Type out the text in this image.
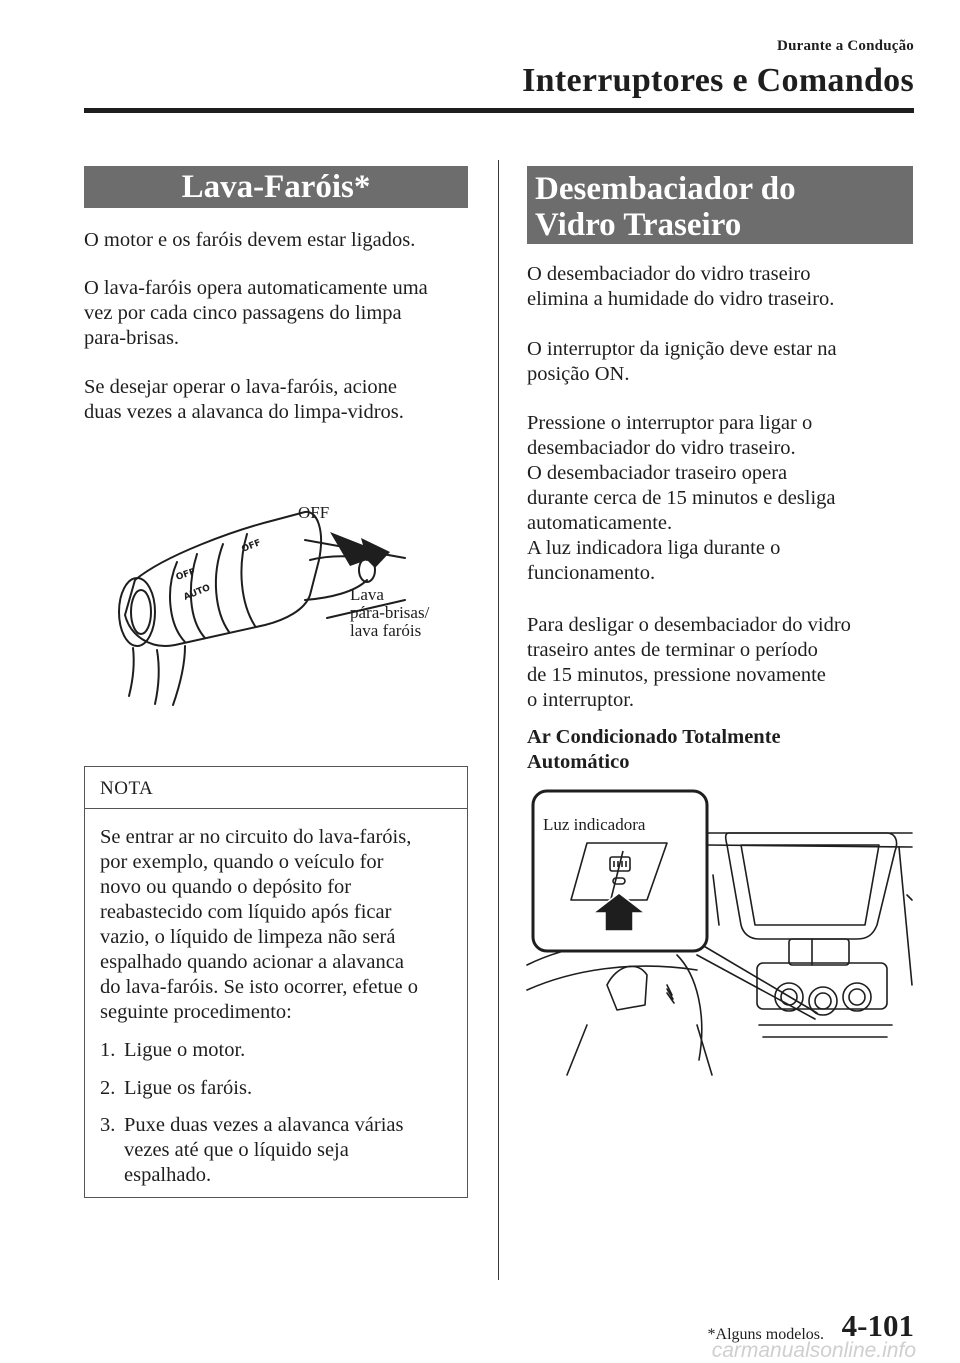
Durante a Condução
Interruptores e Comandos
Lava-Faróis*

O motor e os faróis devem estar ligados.

O lava-faróis opera automaticamente uma
vez por cada cinco passagens do limpa
para-brisas.

Se desejar operar o lava-faróis, acione
duas vezes a alavanca do limpa-vidros.

OFF
AUTO
OFF
OFF
Lava
pára-brisas/
lava faróis
NOTA

Se entrar ar no circuito do lava-faróis,
por exemplo, quando o veículo for
novo ou quando o depósito for
reabastecido com líquido após ficar
vazio, o líquido de limpeza não será
espalhado quando acionar a alavanca
do lava-faróis. Se isto ocorrer, efetue o
seguinte procedimento:

1. Ligue o motor.
2. Ligue os faróis.
3. Puxe duas vezes a alavanca várias
vezes até que o líquido seja
espalhado.
Desembaciador do
Vidro Traseiro

O desembaciador do vidro traseiro
elimina a humidade do vidro traseiro.

O interruptor da ignição deve estar na
posição ON.

Pressione o interruptor para ligar o
desembaciador do vidro traseiro.
O desembaciador traseiro opera
durante cerca de 15 minutos e desliga
automaticamente.
A luz indicadora liga durante o
funcionamento.

Para desligar o desembaciador do vidro
traseiro antes de terminar o período
de 15 minutos, pressione novamente
o interruptor.

Ar Condicionado Totalmente
Automático
Luz indicadora
*Alguns modelos. 4-101
carmanualsonline.info
